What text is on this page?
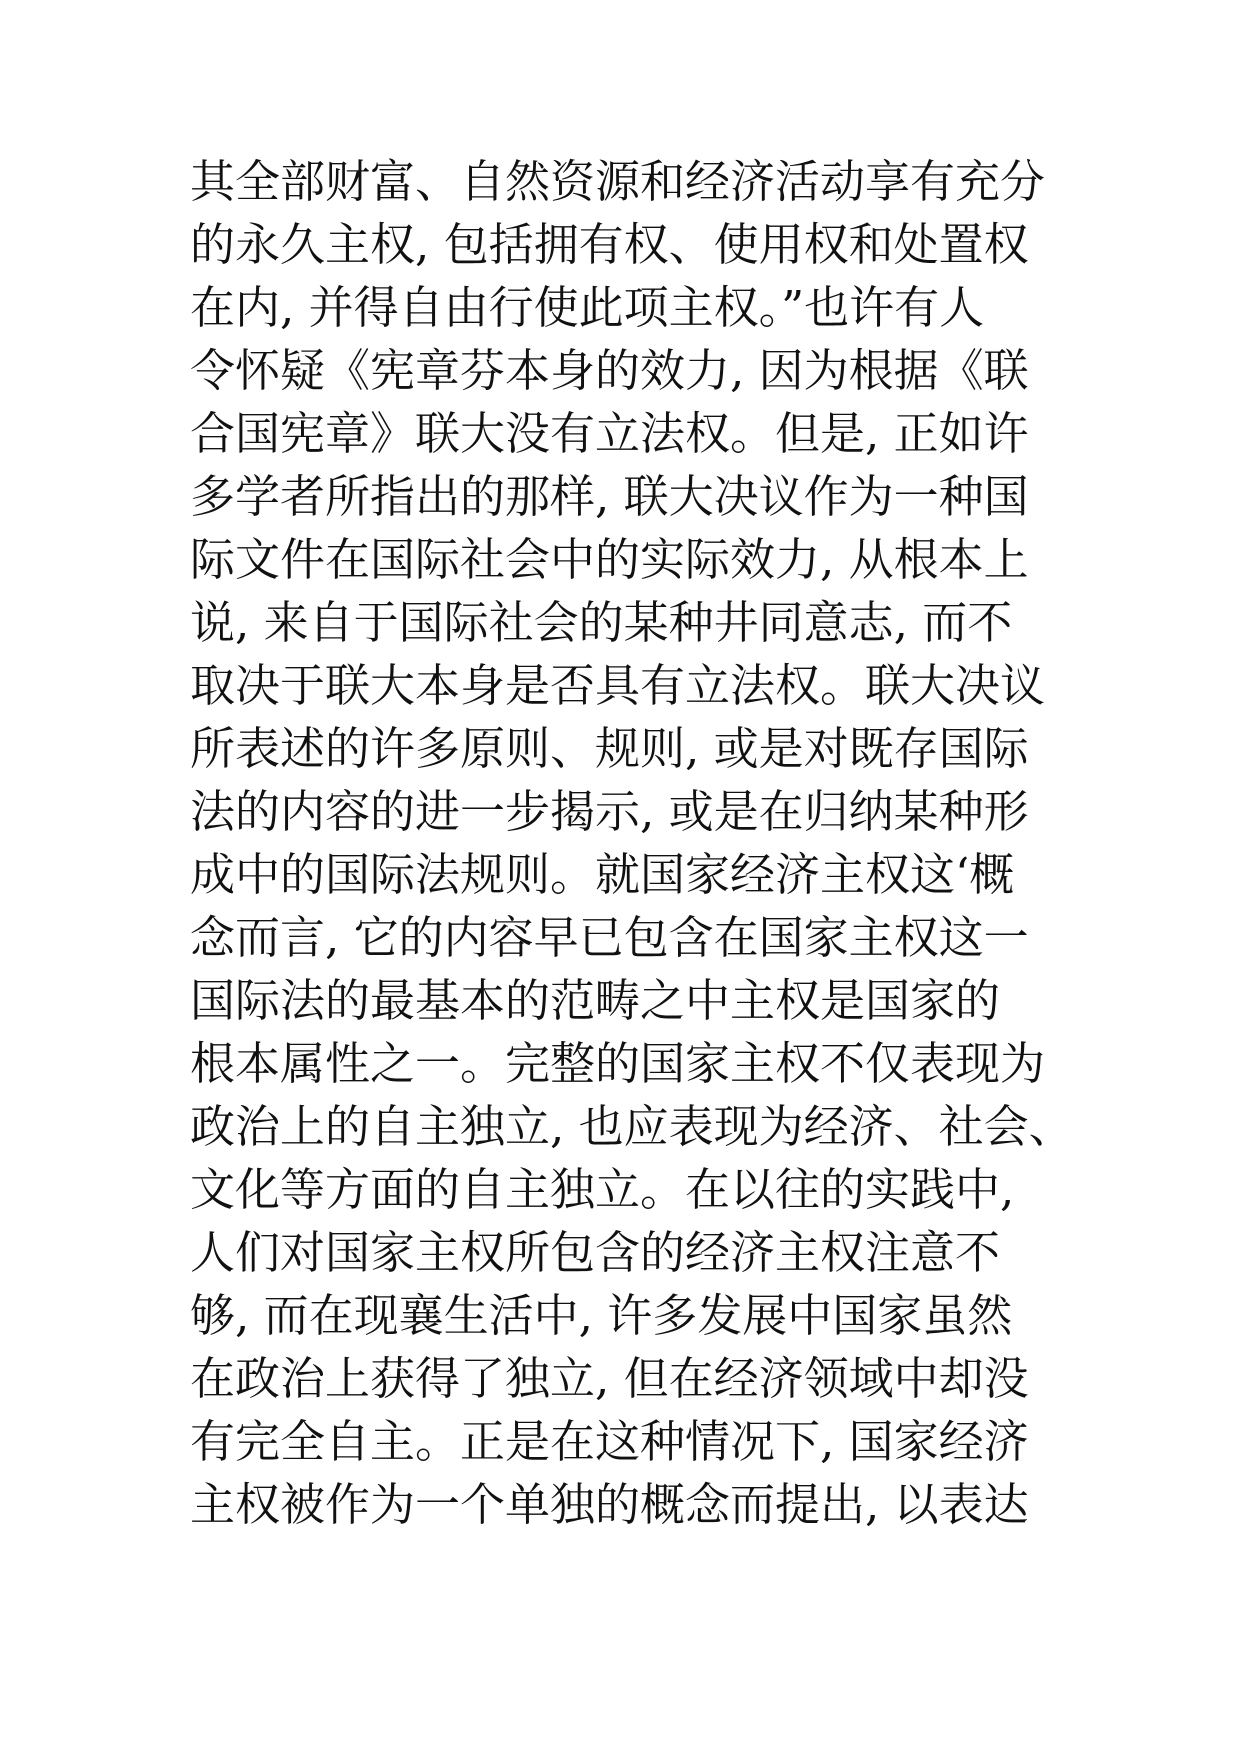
其全部财富、自然资源和经济活动享有充分
的永久主权, 包括拥有权、使用权和处置权
在内, 并得自由行使此项主权。”也许有人
令怀疑《宪章芬本身的效力, 因为根据《联
合国宪章》联大没有立法权。但是, 正如许
多学者所指出的那样, 联大决议作为一种国
际文件在国际社会中的实际效力, 从根本上
说, 来自于国际社会的某种井同意志, 而不
取决于联大本身是否具有立法权。联大决议
所表述的许多原则、规则, 或是对既存国际
法的内容的进一步揭示, 或是在归纳某种形
成中的国际法规则。就国家经济主权这‘概
念而言, 它的内容早已包含在国家主权这一
国际法的最基本的范畴之中主权是国家的
根本属性之一。完整的国家主权不仅表现为
政治上的自主独立, 也应表现为经济、社会、
文化等方面的自主独立。在以往的实践中,
人们对国家主权所包含的经济主权注意不
够, 而在现襄生活中, 许多发展中国家虽然
在政治上获得了独立, 但在经济领域中却没
有完全自主。正是在这种情况下, 国家经济
主权被作为一个单独的概念而提出, 以表达
